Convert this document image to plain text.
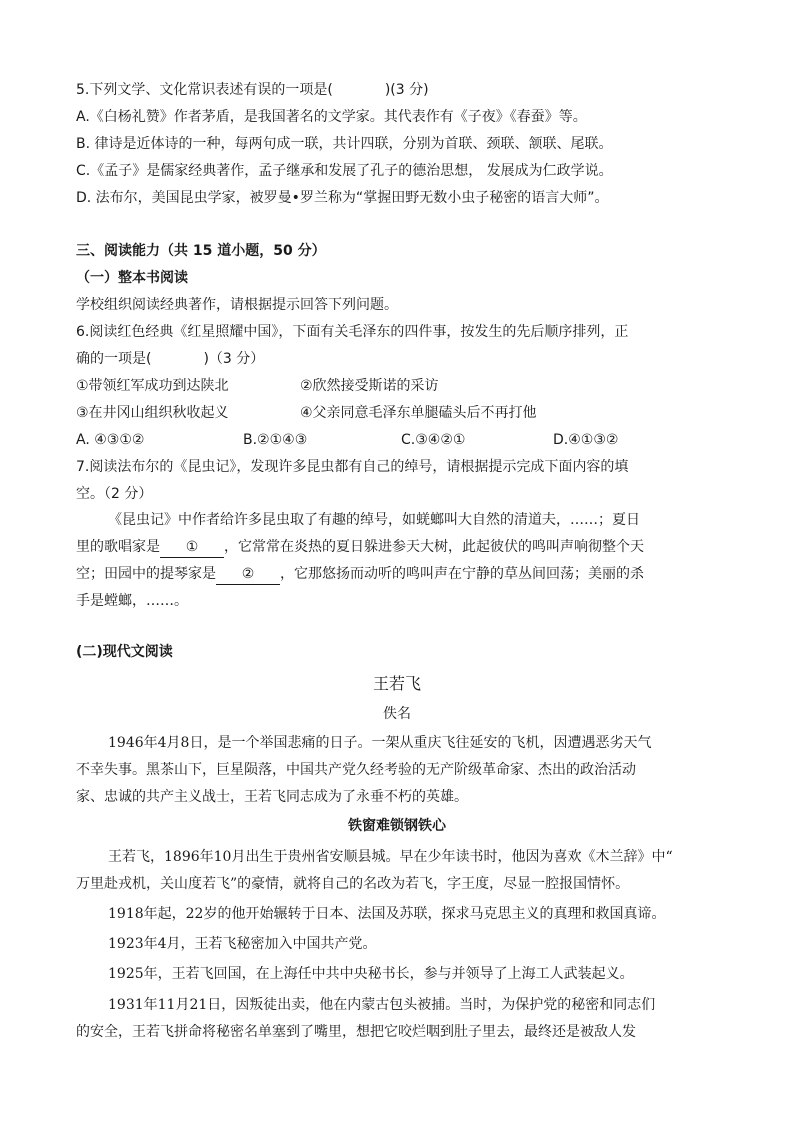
5.下列文学、文化常识表述有误的一项是(	)(3 分)
A.《白杨礼赞》作者茅盾，是我国著名的文学家。其代表作有《子夜》《春蚕》等。
B. 律诗是近体诗的一种，每两句成一联，共计四联，分别为首联、颈联、颔联、尾联。
C.《孟子》是儒家经典著作，孟子继承和发展了孔子的德治思想， 发展成为仁政学说。
D. 法布尔，美国昆虫学家，被罗曼•罗兰称为“掌握田野无数小虫子秘密的语言大师”。
三、阅读能力（共 15 道小题，50 分）
（一）整本书阅读
学校组织阅读经典著作，请根据提示回答下列问题。
6.阅读红色经典《红星照耀中国》，下面有关毛泽东的四件事，按发生的先后顺序排列，正
确的一项是(	)（3 分）
①带领红军成功到达陕北	②欣然接受斯诺的采访
③在井冈山组织秋收起义	④父亲同意毛泽东单腿磕头后不再打他
A. ④③①②	B.②①④③	C.③④②①	D.④①③②
7.阅读法布尔的《昆虫记》，发现许多昆虫都有自己的绰号，请根据提示完成下面内容的填
空。（2 分）
《昆虫记》中作者给许多昆虫取了有趣的绰号，如蜣螂叫大自然的清道夫，……；夏日
里的歌唱家是 ① ，它常常在炎热的夏日躲进参天大树，此起彼伏的鸣叫声响彻整个天
空；田园中的提琴家是 ② ，它那悠扬而动听的鸣叫声在宁静的草丛间回荡；美丽的杀
手是螳螂，……。
(二)现代文阅读
王若飞
佚名
1946年4月8日，是一个举国悲痛的日子。一架从重庆飞往延安的飞机，因遭遇恶劣天气
不幸失事。黑茶山下，巨星陨落，中国共产党久经考验的无产阶级革命家、杰出的政治活动
家、忠诚的共产主义战士，王若飞同志成为了永垂不朽的英雄。
铁窗难锁钢铁心
王若飞，1896年10月出生于贵州省安顺县城。早在少年读书时，他因为喜欢《木兰辞》中“
万里赴戎机，关山度若飞”的豪情，就将自己的名改为若飞，字王度，尽显一腔报国情怀。
1918年起，22岁的他开始辗转于日本、法国及苏联，探求马克思主义的真理和救国真谛。
1923年4月，王若飞秘密加入中国共产党。
1925年，王若飞回国，在上海任中共中央秘书长，参与并领导了上海工人武装起义。
1931年11月21日，因叛徒出卖，他在内蒙古包头被捕。当时，为保护党的秘密和同志们
的安全，王若飞拼命将秘密名单塞到了嘴里，想把它咬烂咽到肚子里去，最终还是被敌人发
